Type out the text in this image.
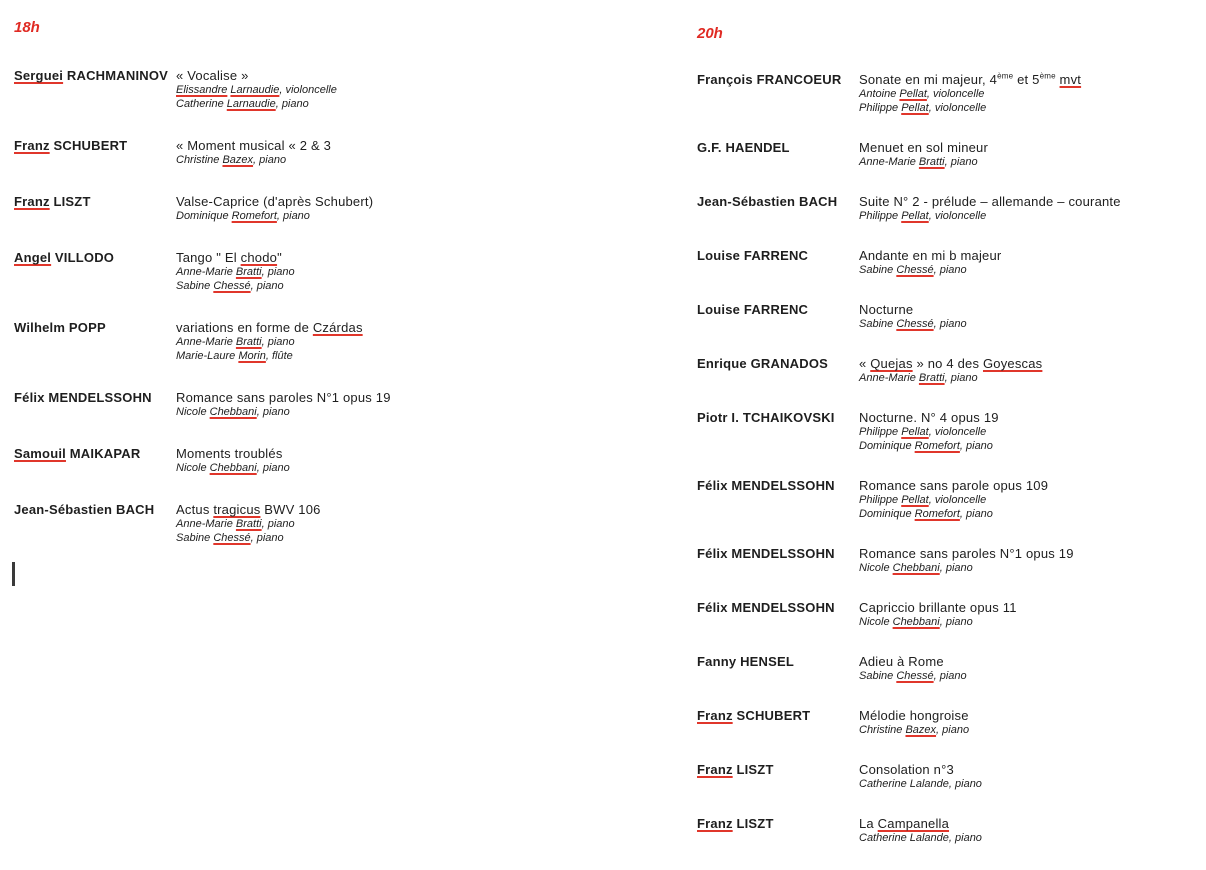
18h
Serguei RACHMANINOV « Vocalise »
Elissandre Larnaudie, violoncelle
Catherine Larnaudie, piano
Franz SCHUBERT	« Moment musical « 2 & 3
Christine Bazex, piano
Franz LISZT	Valse-Caprice (d'après Schubert)
Dominique Romefort, piano
Angel VILLODO	Tango " El chodo"
Anne-Marie Bratti, piano
Sabine Chessé, piano
Wilhelm POPP	variations en forme de Czárdas
Anne-Marie Bratti, piano
Marie-Laure Morin, flûte
Félix MENDELSSOHN	Romance sans paroles N°1 opus 19
Nicole Chebbani, piano
Samouil MAIKAPAR	Moments troublés
Nicole Chebbani, piano
Jean-Sébastien BACH	Actus tragicus BWV 106
Anne-Marie Bratti, piano
Sabine Chessé, piano
20h
François FRANCOEUR	Sonate en mi majeur, 4ème et 5ème mvt
Antoine Pellat, violoncelle
Philippe Pellat, violoncelle
G.F. HAENDEL	Menuet en sol mineur
Anne-Marie Bratti, piano
Jean-Sébastien BACH	Suite N° 2 - prélude – allemande – courante
Philippe Pellat, violoncelle
Louise FARRENC	Andante en mi b majeur
Sabine Chessé, piano
Louise FARRENC	Nocturne
Sabine Chessé, piano
Enrique GRANADOS	« Quejas » no 4 des Goyescas
Anne-Marie Bratti, piano
Piotr I. TCHAIKOVSKI	Nocturne. N° 4 opus 19
Philippe Pellat, violoncelle
Dominique Romefort, piano
Félix MENDELSSOHN	Romance sans parole opus 109
Philippe Pellat, violoncelle
Dominique Romefort, piano
Félix MENDELSSOHN	Romance sans paroles N°1 opus 19
Nicole Chebbani, piano
Félix MENDELSSOHN	Capriccio brillante opus 11
Nicole Chebbani, piano
Fanny HENSEL	Adieu à Rome
Sabine Chessé, piano
Franz SCHUBERT	Mélodie hongroise
Christine Bazex, piano
Franz LISZT	Consolation n°3
Catherine Lalande, piano
Franz LISZT	La Campanella
Catherine Lalande, piano
